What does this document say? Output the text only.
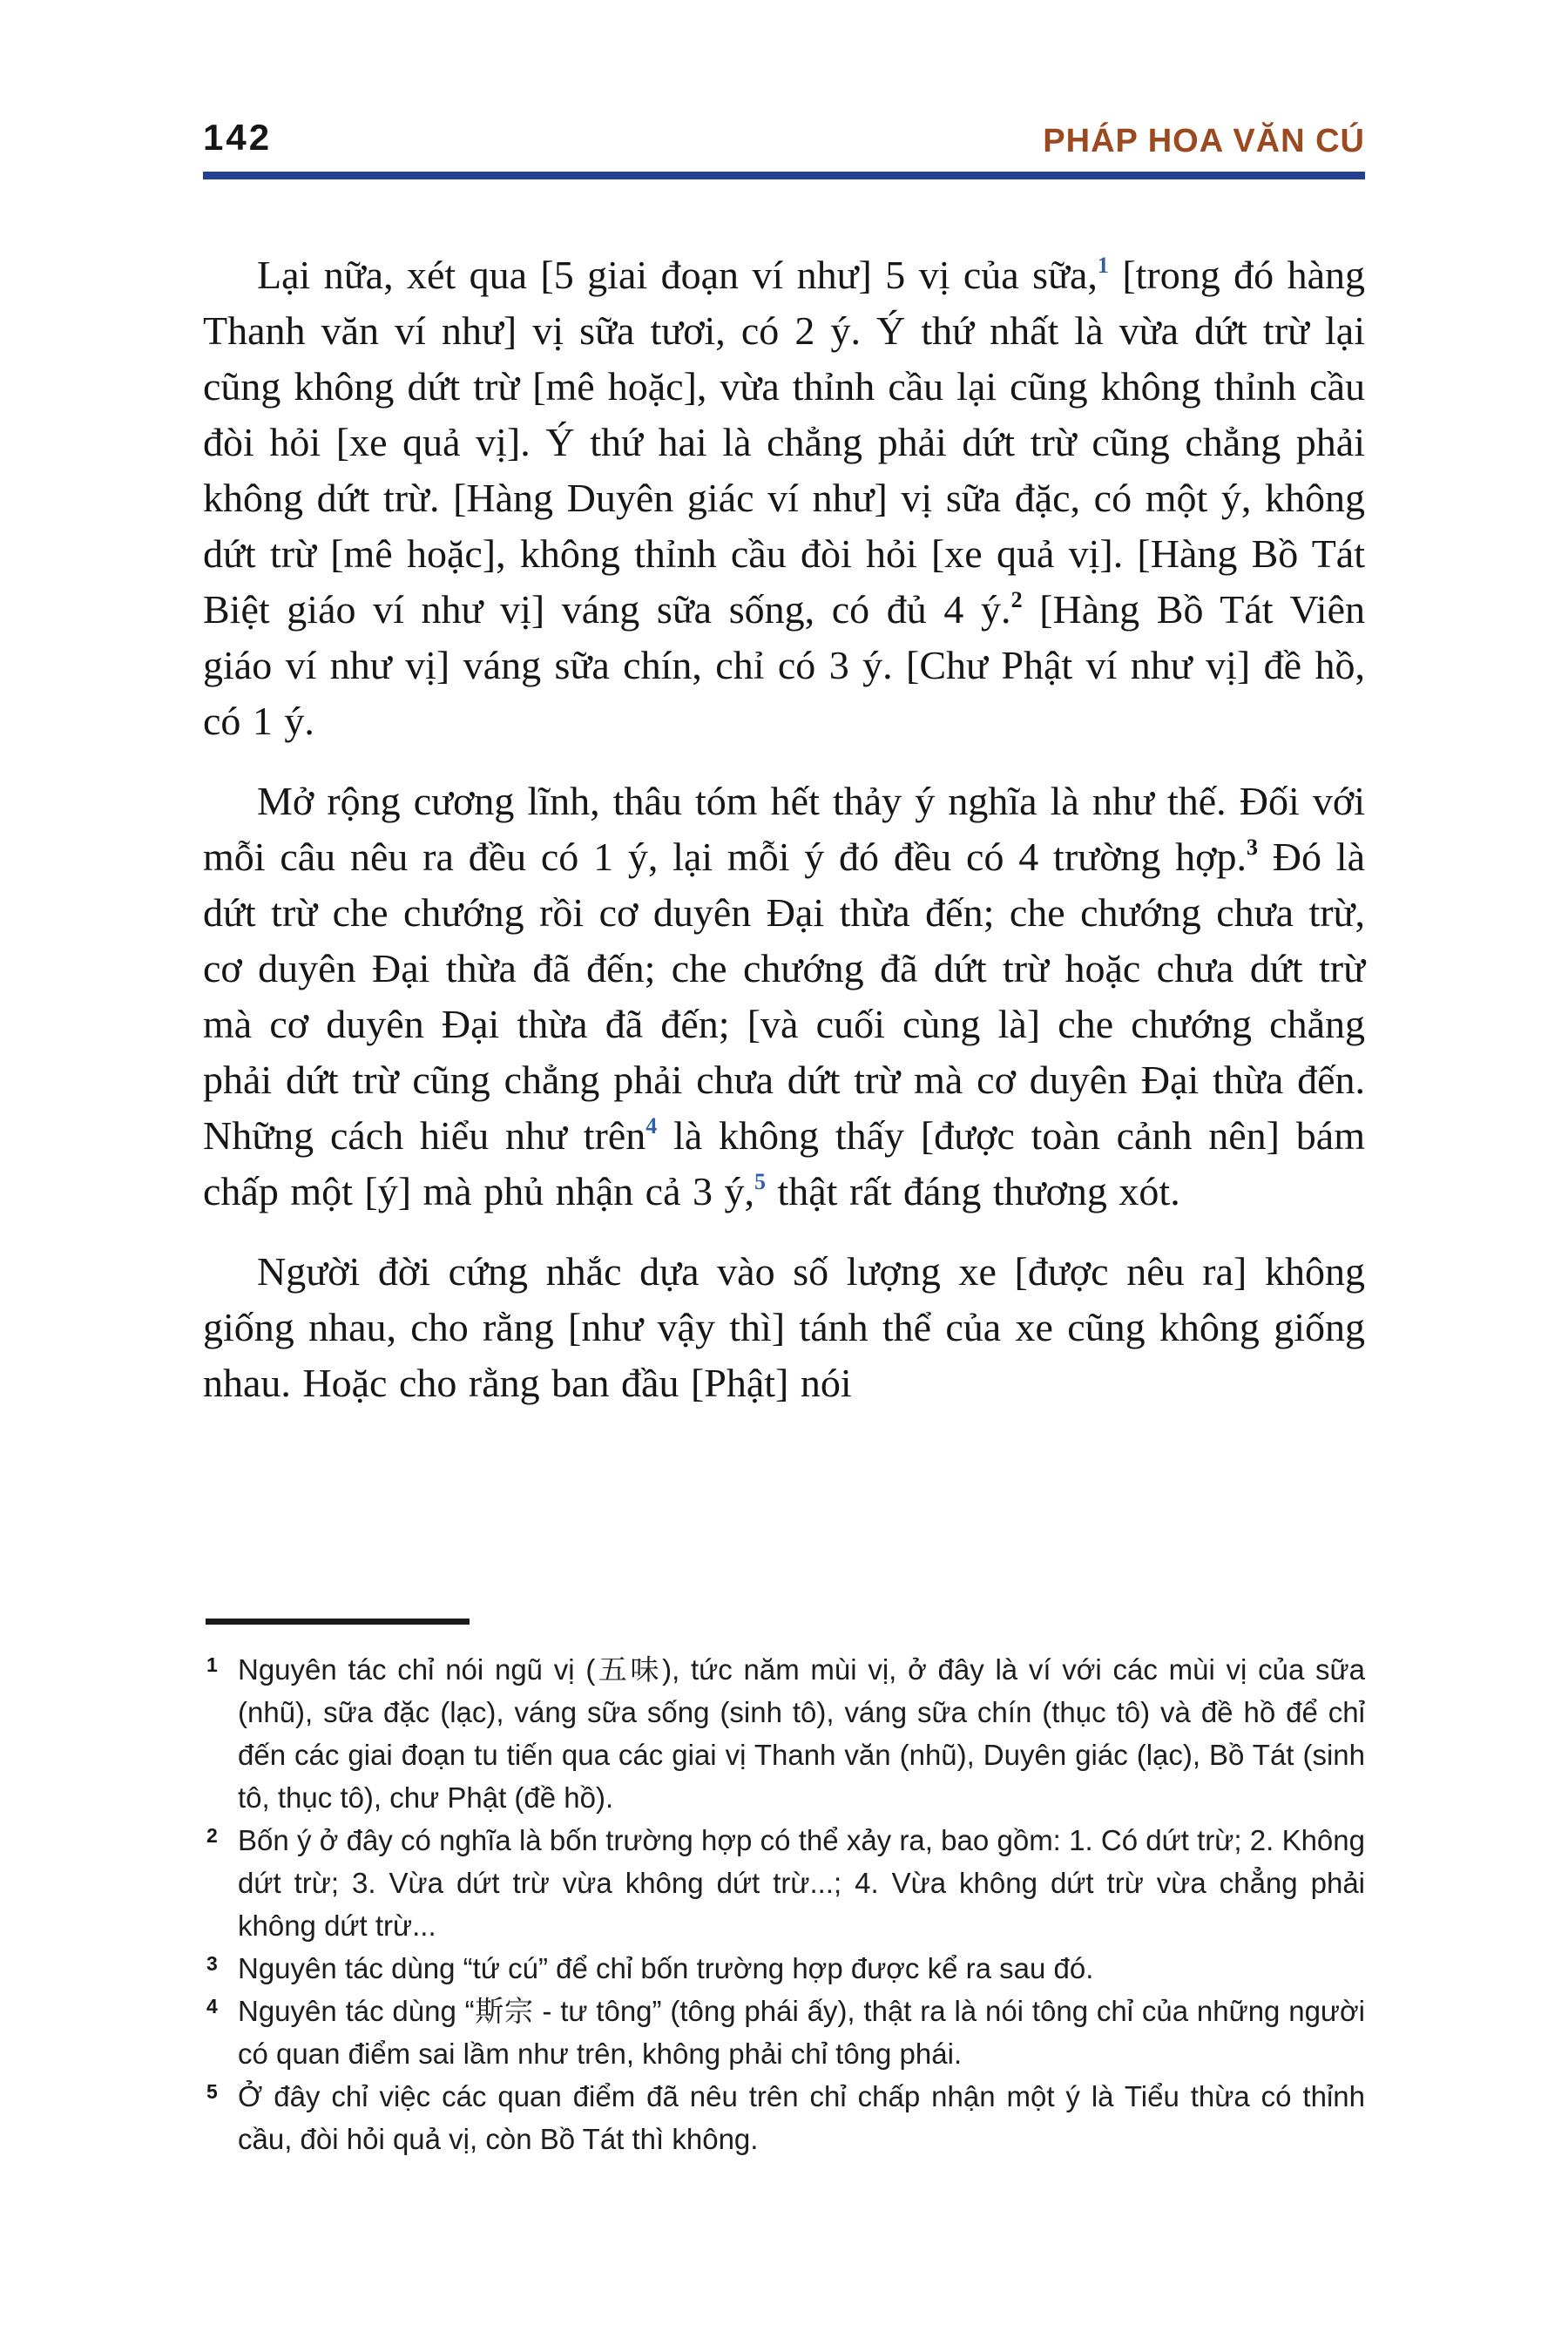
142	PHÁP HOA VĂN CÚ

Lại nữa, xét qua [5 giai đoạn ví như] 5 vị của sữa,$^1$ [trong đó hàng Thanh văn ví như] vị sữa tươi, có 2 ý. Ý thứ nhất là vừa dứt trừ lại cũng không dứt trừ [mê hoặc], vừa thỉnh cầu lại cũng không thỉnh cầu đòi hỏi [xe quả vị]. Ý thứ hai là chẳng phải dứt trừ cũng chẳng phải không dứt trừ. [Hàng Duyên giác ví như] vị sữa đặc, có một ý, không dứt trừ [mê hoặc], không thỉnh cầu đòi hỏi [xe quả vị]. [Hàng Bồ Tát Biệt giáo ví như vị] váng sữa sống, có đủ 4 ý.$^2$ [Hàng Bồ Tát Viên giáo ví như vị] váng sữa chín, chỉ có 3 ý. [Chư Phật ví như vị] đề hồ, có 1 ý.

Mở rộng cương lĩnh, thâu tóm hết thảy ý nghĩa là như thế. Đối với mỗi câu nêu ra đều có 1 ý, lại mỗi ý đó đều có 4 trường hợp.$^3$ Đó là dứt trừ che chướng rồi cơ duyên Đại thừa đến; che chướng chưa trừ, cơ duyên Đại thừa đã đến; che chướng đã dứt trừ hoặc chưa dứt trừ mà cơ duyên Đại thừa đã đến; [và cuối cùng là] che chướng chẳng phải dứt trừ cũng chẳng phải chưa dứt trừ mà cơ duyên Đại thừa đến. Những cách hiểu như trên$^4$ là không thấy [được toàn cảnh nên] bám chấp một [ý] mà phủ nhận cả 3 ý,$^5$ thật rất đáng thương xót.

Người đời cứng nhắc dựa vào số lượng xe [được nêu ra] không giống nhau, cho rằng [như vậy thì] tánh thể của xe cũng không giống nhau. Hoặc cho rằng ban đầu [Phật] nói

1 Nguyên tác chỉ nói ngũ vị (五味), tức năm mùi vị, ở đây là ví với các mùi vị của sữa (nhũ), sữa đặc (lạc), váng sữa sống (sinh tô), váng sữa chín (thục tô) và đề hồ để chỉ đến các giai đoạn tu tiến qua các giai vị Thanh văn (nhũ), Duyên giác (lạc), Bồ Tát (sinh tô, thục tô), chư Phật (đề hồ).
2 Bốn ý ở đây có nghĩa là bốn trường hợp có thể xảy ra, bao gồm: 1. Có dứt trừ; 2. Không dứt trừ; 3. Vừa dứt trừ vừa không dứt trừ...; 4. Vừa không dứt trừ vừa chẳng phải không dứt trừ...
3 Nguyên tác dùng “tứ cú” để chỉ bốn trường hợp được kể ra sau đó.
4 Nguyên tác dùng “斯宗 - tư tông” (tông phái ấy), thật ra là nói tông chỉ của những người có quan điểm sai lầm như trên, không phải chỉ tông phái.
5 Ở đây chỉ việc các quan điểm đã nêu trên chỉ chấp nhận một ý là Tiểu thừa có thỉnh cầu, đòi hỏi quả vị, còn Bồ Tát thì không.
